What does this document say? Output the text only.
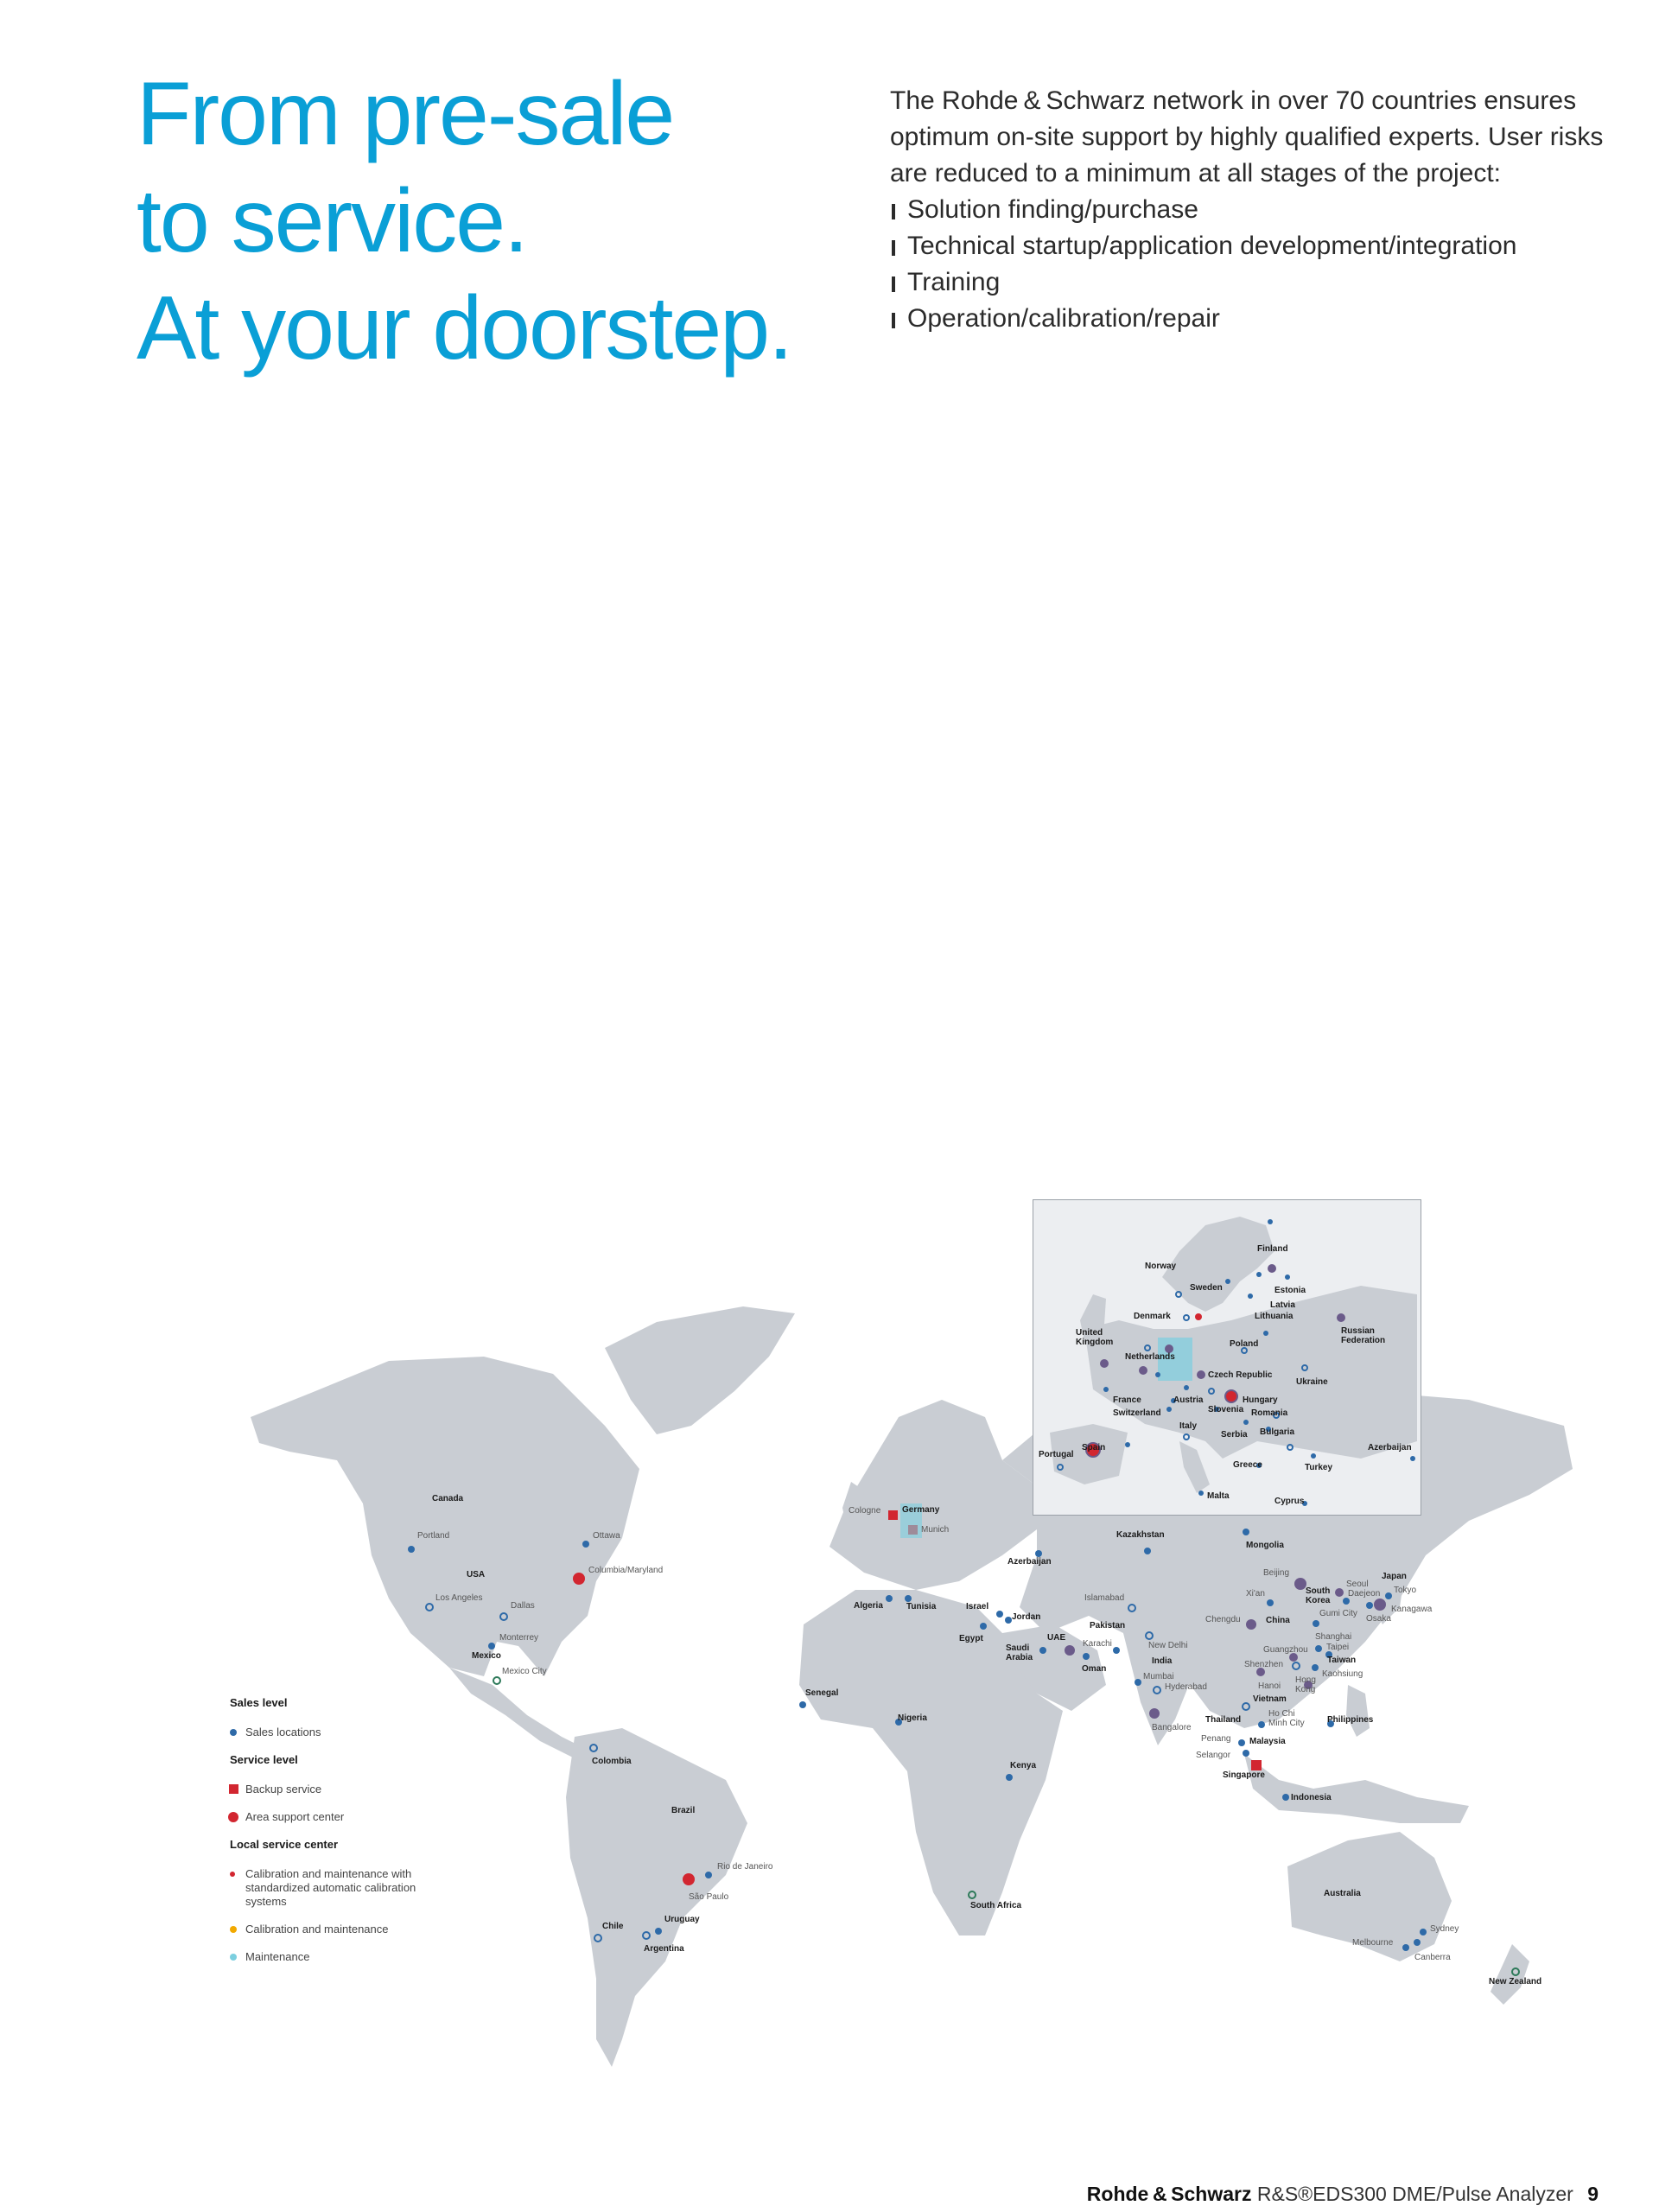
From pre-sale
to service.
At your doorstep.

The Rohde & Schwarz network in over 70 countries ensures optimum on-site support by highly qualified experts. User risks are reduced to a minimum at all stages of the project:

Solution finding/purchase
Technical startup/application development/integration
Training
Operation/calibration/repair
Canada
Portland	Ottawa
USA	Columbia/Maryland
Los Angeles
Dallas
Monterrey
Mexico
Mexico City
Colombia
Brazil
Rio de Janeiro
São Paulo
Uruguay
Chile
Argentina
Senegal
Nigeria
Kenya
South Africa
Algeria	Tunisia
Egypt
Israel
Jordan
Saudi Arabia
UAE
Oman
Cologne Germany
Munich
Azerbaijan
Kazakhstan
Islamabad
Pakistan
Karachi	New Delhi
India
Mumbai
Hyderabad
Bangalore
Mongolia
Beijing
Xi'an
Chengdu	China
Seoul
South Korea
Daejeon
Gumi City
Japan
Tokyo
Kanagawa
Osaka
Shanghai
Taipei
Taiwan
Kaohsiung
Guangzhou
Shenzhen
Hong Kong
Hanoi
Vietnam
Ho Chi Minh City
Thailand	Philippines
Penang Malaysia
Selangor
Singapore
Indonesia
Australia
Sydney
Melbourne
Canberra
New Zealand
Finland
Norway
Sweden	Estonia
Latvia
Denmark	Lithuania
Russian Federation
United Kingdom
Netherlands
Poland
Czech Republic
Ukraine
France	Austria	Hungary
Switzerland	Slovenia Romania
Italy
Serbia Bulgaria
Spain
Portugal
Azerbaijan
Greece	Turkey
Malta
Cyprus
Sales level
Sales locations
Service level
Backup service
Area support center
Local service center
Calibration and maintenance with standardized automatic calibration systems
Calibration and maintenance
Maintenance
Rohde & Schwarz R&S®EDS300 DME/Pulse Analyzer 9
